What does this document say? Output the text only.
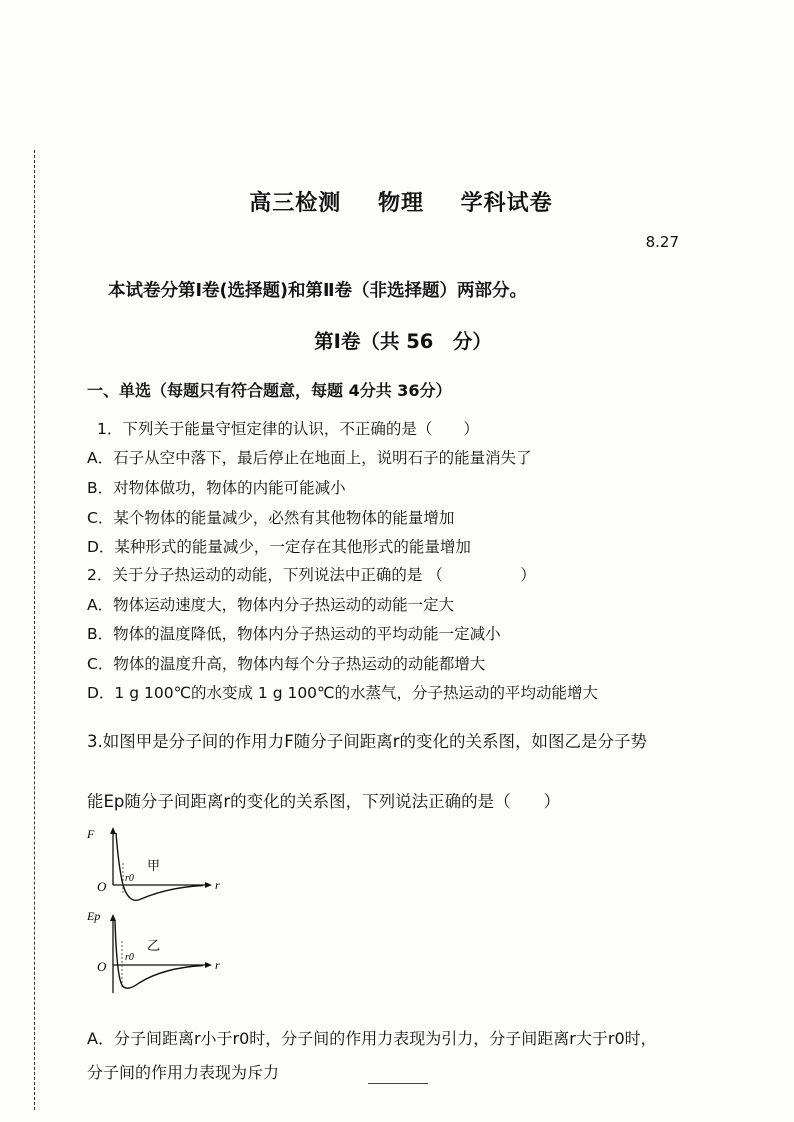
高三检测 物理 学科试卷
8.27
本试卷分第Ⅰ卷(选择题)和第Ⅱ卷（非选择题）两部分。
第Ⅰ卷（共 56　分）
一、单选（每题只有符合题意，每题 4分共 36分）
1．下列关于能量守恒定律的认识，不正确的是（　　）
A．石子从空中落下，最后停止在地面上，说明石子的能量消失了
B．对物体做功，物体的内能可能减小
C．某个物体的能量减少，必然有其他物体的能量增加
D．某种形式的能量减少，一定存在其他形式的能量增加
2．关于分子热运动的动能，下列说法中正确的是 （　　　　　）
A．物体运动速度大，物体内分子热运动的动能一定大
B．物体的温度降低，物体内分子热运动的平均动能一定减小
C．物体的温度升高，物体内每个分子热运动的动能都增大
D．1 g 100℃的水变成 1 g 100℃的水蒸气，分子热运动的平均动能增大
3.如图甲是分子间的作用力F随分子间距离r的变化的关系图，如图乙是分子势
能Ep随分子间距离r的变化的关系图，下列说法正确的是（　　）
F
甲
O
r0	r
Ep
乙
O
r0
r
A．分子间距离r小于r0时，分子间的作用力表现为引力，分子间距离r大于r0时，
分子间的作用力表现为斥力
